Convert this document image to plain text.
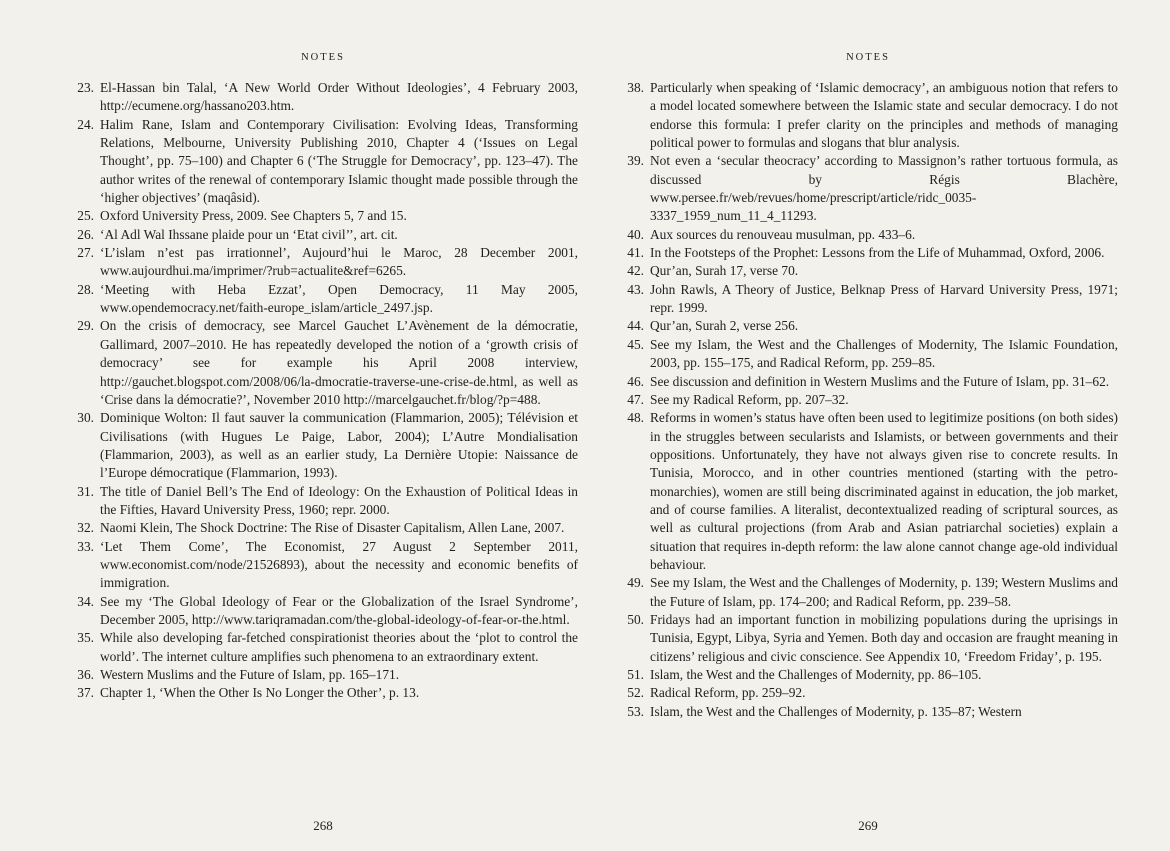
NOTES
23. El-Hassan bin Talal, ‘A New World Order Without Ideologies’, 4 February 2003, http://ecumene.org/hassano203.htm.
24. Halim Rane, Islam and Contemporary Civilisation: Evolving Ideas, Transforming Relations, Melbourne, University Publishing 2010, Chapter 4 (‘Issues on Legal Thought’, pp. 75–100) and Chapter 6 (‘The Struggle for Democracy’, pp. 123–47). The author writes of the renewal of contemporary Islamic thought made possible through the ‘higher objectives’ (maqâsid).
25. Oxford University Press, 2009. See Chapters 5, 7 and 15.
26. ‘Al Adl Wal Ihssane plaide pour un ‘Etat civil’’, art. cit.
27. ‘L’islam n’est pas irrationnel’, Aujourd’hui le Maroc, 28 December 2001, www.aujourdhui.ma/imprimer/?rub=actualite&ref=6265.
28. ‘Meeting with Heba Ezzat’, Open Democracy, 11 May 2005, www.opendemocracy.net/faith-europe_islam/article_2497.jsp.
29. On the crisis of democracy, see Marcel Gauchet L’Avènement de la démocratie, Gallimard, 2007–2010. He has repeatedly developed the notion of a ‘growth crisis of democracy’ see for example his April 2008 interview, http://gauchet.blogspot.com/2008/06/la-dmocratie-traverse-une-crise-de.html, as well as ‘Crise dans la démocratie?’, November 2010 http://marcelgauchet.fr/blog/?p=488.
30. Dominique Wolton: Il faut sauver la communication (Flammarion, 2005); Télévision et Civilisations (with Hugues Le Paige, Labor, 2004); L’Autre Mondialisation (Flammarion, 2003), as well as an earlier study, La Dernière Utopie: Naissance de l’Europe démocratique (Flammarion, 1993).
31. The title of Daniel Bell’s The End of Ideology: On the Exhaustion of Political Ideas in the Fifties, Havard University Press, 1960; repr. 2000.
32. Naomi Klein, The Shock Doctrine: The Rise of Disaster Capitalism, Allen Lane, 2007.
33. ‘Let Them Come’, The Economist, 27 August 2 September 2011, www.economist.com/node/21526893), about the necessity and economic benefits of immigration.
34. See my ‘The Global Ideology of Fear or the Globalization of the Israel Syndrome’, December 2005, http://www.tariqramadan.com/the-global-ideology-of-fear-or-the.html.
35. While also developing far-fetched conspirationist theories about the ‘plot to control the world’. The internet culture amplifies such phenomena to an extraordinary extent.
36. Western Muslims and the Future of Islam, pp. 165–171.
37. Chapter 1, ‘When the Other Is No Longer the Other’, p. 13.
268
NOTES
38. Particularly when speaking of ‘Islamic democracy’, an ambiguous notion that refers to a model located somewhere between the Islamic state and secular democracy. I do not endorse this formula: I prefer clarity on the principles and methods of managing political power to formulas and slogans that blur analysis.
39. Not even a ‘secular theocracy’ according to Massignon’s rather tortuous formula, as discussed by Régis Blachère, www.persee.fr/web/revues/home/prescript/article/ridc_0035-3337_1959_num_11_4_11293.
40. Aux sources du renouveau musulman, pp. 433–6.
41. In the Footsteps of the Prophet: Lessons from the Life of Muhammad, Oxford, 2006.
42. Qur’an, Surah 17, verse 70.
43. John Rawls, A Theory of Justice, Belknap Press of Harvard University Press, 1971; repr. 1999.
44. Qur’an, Surah 2, verse 256.
45. See my Islam, the West and the Challenges of Modernity, The Islamic Foundation, 2003, pp. 155–175, and Radical Reform, pp. 259–85.
46. See discussion and definition in Western Muslims and the Future of Islam, pp. 31–62.
47. See my Radical Reform, pp. 207–32.
48. Reforms in women’s status have often been used to legitimize positions (on both sides) in the struggles between secularists and Islamists, or between governments and their oppositions. Unfortunately, they have not always given rise to concrete results. In Tunisia, Morocco, and in other countries mentioned (starting with the petro-monarchies), women are still being discriminated against in education, the job market, and of course families. A literalist, decontextualized reading of scriptural sources, as well as cultural projections (from Arab and Asian patriarchal societies) explain a situation that requires in-depth reform: the law alone cannot change age-old individual behaviour.
49. See my Islam, the West and the Challenges of Modernity, p. 139; Western Muslims and the Future of Islam, pp. 174–200; and Radical Reform, pp. 239–58.
50. Fridays had an important function in mobilizing populations during the uprisings in Tunisia, Egypt, Libya, Syria and Yemen. Both day and occasion are fraught meaning in citizens’ religious and civic conscience. See Appendix 10, ‘Freedom Friday’, p. 195.
51. Islam, the West and the Challenges of Modernity, pp. 86–105.
52. Radical Reform, pp. 259–92.
53. Islam, the West and the Challenges of Modernity, p. 135–87; Western
269
